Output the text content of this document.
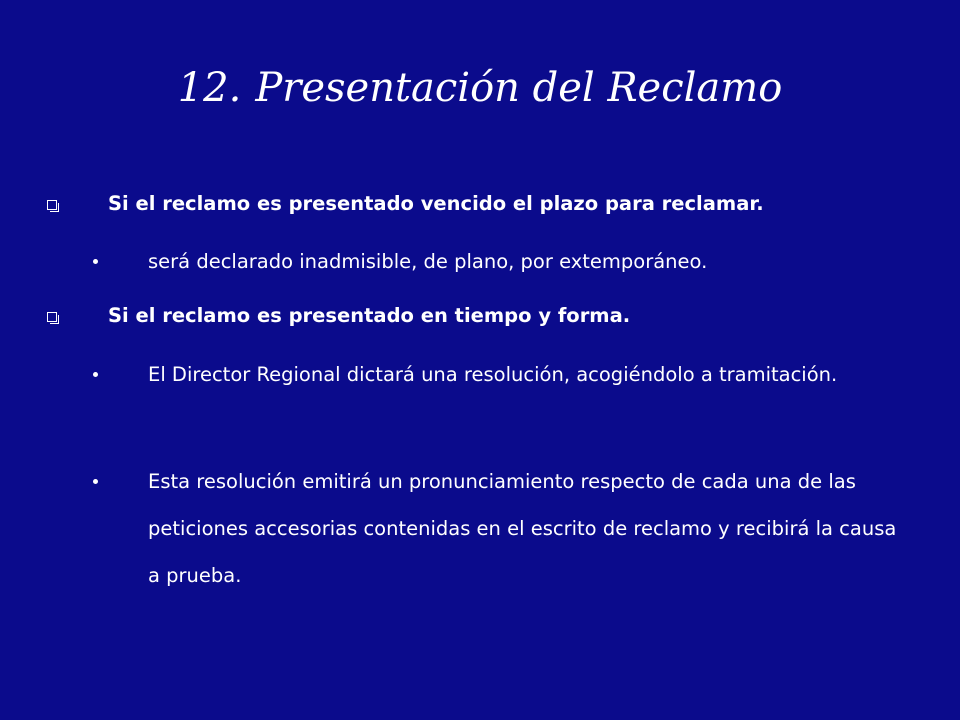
12. Presentación del Reclamo
Si el reclamo es presentado vencido el plazo para reclamar.
será declarado inadmisible, de plano, por extemporáneo.
Si el reclamo es presentado en tiempo y forma.
El Director Regional dictará una resolución, acogiéndolo a tramitación.
Esta resolución emitirá un pronunciamiento respecto de cada una de las peticiones accesorias contenidas en el escrito de reclamo y recibirá la causa a prueba.
